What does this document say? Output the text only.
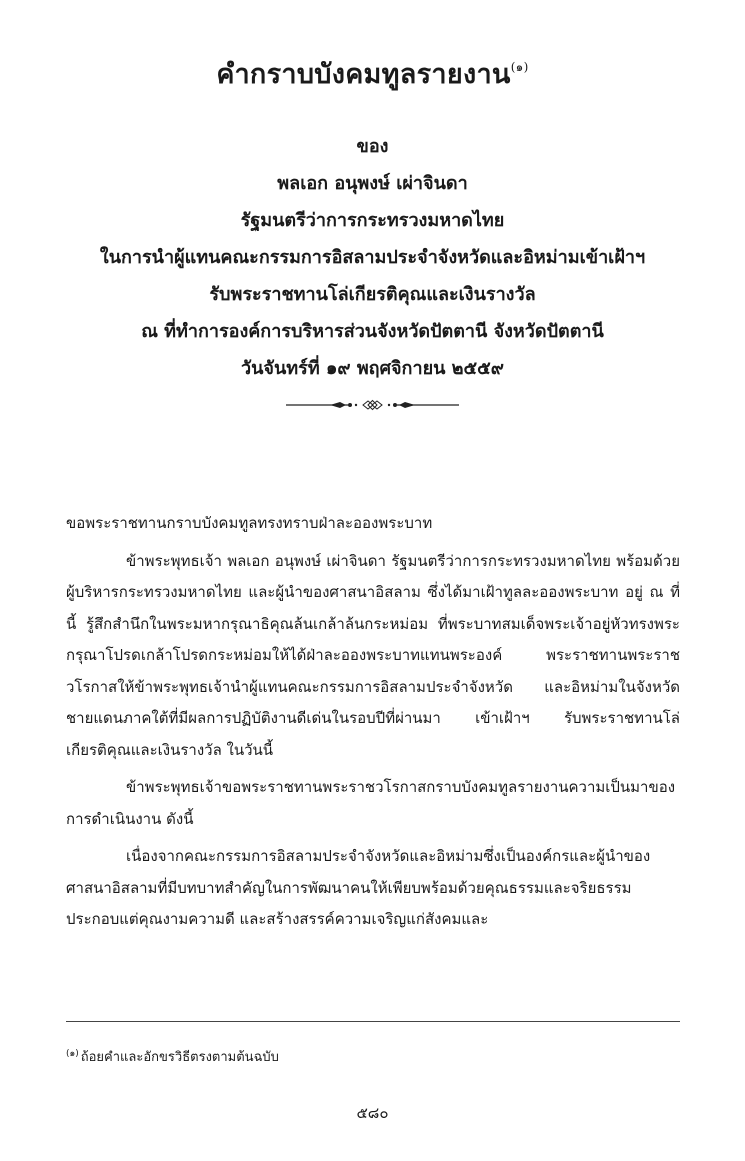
คำกราบบังคมทูลรายงาน$^{(๑)}$
ของ
พลเอก อนุพงษ์ เผ่าจินดา
รัฐมนตรีว่าการกระทรวงมหาดไทย
ในการนำผู้แทนคณะกรรมการอิสลามประจำจังหวัดและอิหม่ามเข้าเฝ้าฯ
รับพระราชทานโล่เกียรติคุณและเงินรางวัล
ณ ที่ทำการองค์การบริหารส่วนจังหวัดปัตตานี จังหวัดปัตตานี
วันจันทร์ที่ ๑๙ พฤศจิกายน ๒๕๕๙

ขอพระราชทานกราบบังคมทูลทรงทราบฝ่าละอองพระบาท

ข้าพระพุทธเจ้า พลเอก อนุพงษ์ เผ่าจินดา รัฐมนตรีว่าการกระทรวงมหาดไทย พร้อมด้วย ผู้บริหารกระทรวงมหาดไทย และผู้นำของศาสนาอิสลาม ซึ่งได้มาเฝ้าทูลละอองพระบาท อยู่ ณ ที่นี้ รู้สึกสำนึกในพระมหากรุณาธิคุณล้นเกล้าล้นกระหม่อม ที่พระบาทสมเด็จพระเจ้าอยู่หัวทรงพระกรุณาโปรดเกล้าโปรดกระหม่อมให้ได้ฝ่าละอองพระบาทแทนพระองค์ พระราชทานพระราชวโรกาสให้ข้าพระพุทธเจ้านำผู้แทนคณะกรรมการอิสลามประจำจังหวัด และอิหม่ามในจังหวัดชายแดนภาคใต้ที่มีผลการปฏิบัติงานดีเด่นในรอบปีที่ผ่านมา เข้าเฝ้าฯ รับพระราชทานโล่เกียรติคุณและเงินรางวัล ในวันนี้

ข้าพระพุทธเจ้าขอพระราชทานพระราชวโรกาสกราบบังคมทูลรายงานความเป็นมาของการดำเนินงาน ดังนี้

เนื่องจากคณะกรรมการอิสลามประจำจังหวัดและอิหม่ามซึ่งเป็นองค์กรและผู้นำของศาสนาอิสลามที่มีบทบาทสำคัญในการพัฒนาคนให้เพียบพร้อมด้วยคุณธรรมและจริยธรรม ประกอบแต่คุณงามความดี และสร้างสรรค์ความเจริญแก่สังคมและ

$^{(๑)}$ ถ้อยคำและอักขรวิธีตรงตามต้นฉบับ
๕๘๐
